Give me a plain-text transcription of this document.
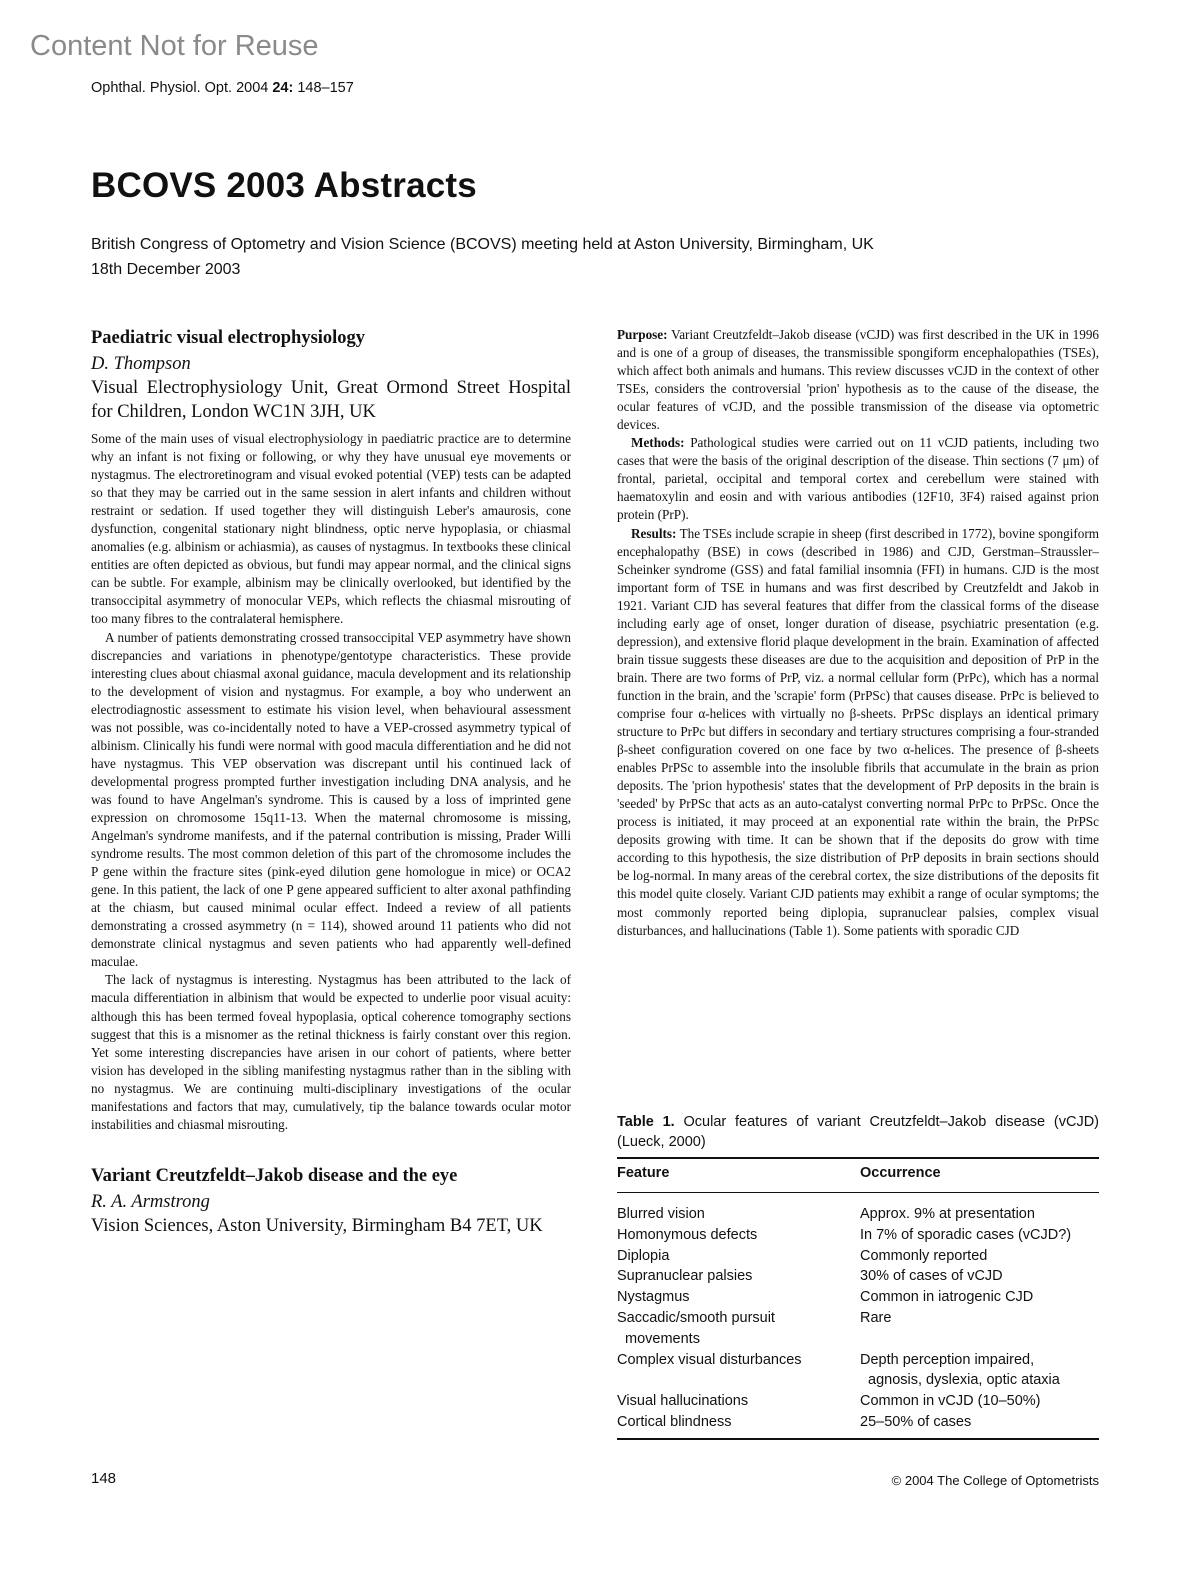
Content Not for Reuse
Ophthal. Physiol. Opt. 2004 24: 148–157
BCOVS 2003 Abstracts
British Congress of Optometry and Vision Science (BCOVS) meeting held at Aston University, Birmingham, UK 18th December 2003
Paediatric visual electrophysiology
D. Thompson
Visual Electrophysiology Unit, Great Ormond Street Hospital for Children, London WC1N 3JH, UK

Some of the main uses of visual electrophysiology in paediatric practice are to determine why an infant is not fixing or following, or why they have unusual eye movements or nystagmus. The electroretinogram and visual evoked potential (VEP) tests can be adapted so that they may be carried out in the same session in alert infants and children without restraint or sedation. If used together they will distinguish Leber's amaurosis, cone dysfunction, congenital stationary night blindness, optic nerve hypoplasia, or chiasmal anomalies (e.g. albinism or achiasmia), as causes of nystagmus. In textbooks these clinical entities are often depicted as obvious, but fundi may appear normal, and the clinical signs can be subtle. For example, albinism may be clinically overlooked, but identified by the transoccipital asymmetry of monocular VEPs, which reflects the chiasmal misrouting of too many fibres to the contralateral hemisphere.

A number of patients demonstrating crossed transoccipital VEP asymmetry have shown discrepancies and variations in phenotype/gentotype characteristics. These provide interesting clues about chiasmal axonal guidance, macula development and its relationship to the development of vision and nystagmus. For example, a boy who underwent an electrodiagnostic assessment to estimate his vision level, when behavioural assessment was not possible, was co-incidentally noted to have a VEP-crossed asymmetry typical of albinism. Clinically his fundi were normal with good macula differentiation and he did not have nystagmus. This VEP observation was discrepant until his continued lack of developmental progress prompted further investigation including DNA analysis, and he was found to have Angelman's syndrome. This is caused by a loss of imprinted gene expression on chromosome 15q11-13. When the maternal chromosome is missing, Angelman's syndrome manifests, and if the paternal contribution is missing, Prader Willi syndrome results. The most common deletion of this part of the chromosome includes the P gene within the fracture sites (pink-eyed dilution gene homologue in mice) or OCA2 gene. In this patient, the lack of one P gene appeared sufficient to alter axonal pathfinding at the chiasm, but caused minimal ocular effect. Indeed a review of all patients demonstrating a crossed asymmetry (n = 114), showed around 11 patients who did not demonstrate clinical nystagmus and seven patients who had apparently well-defined maculae.

The lack of nystagmus is interesting. Nystagmus has been attributed to the lack of macula differentiation in albinism that would be expected to underlie poor visual acuity: although this has been termed foveal hypoplasia, optical coherence tomography sections suggest that this is a misnomer as the retinal thickness is fairly constant over this region. Yet some interesting discrepancies have arisen in our cohort of patients, where better vision has developed in the sibling manifesting nystagmus rather than in the sibling with no nystagmus. We are continuing multi-disciplinary investigations of the ocular manifestations and factors that may, cumulatively, tip the balance towards ocular motor instabilities and chiasmal misrouting.

Variant Creutzfeldt–Jakob disease and the eye
R. A. Armstrong
Vision Sciences, Aston University, Birmingham B4 7ET, UK

Purpose: Variant Creutzfeldt–Jakob disease (vCJD) was first described in the UK in 1996 and is one of a group of diseases, the transmissible spongiform encephalopathies (TSEs), which affect both animals and humans. This review discusses vCJD in the context of other TSEs, considers the controversial 'prion' hypothesis as to the cause of the disease, the ocular features of vCJD, and the possible transmission of the disease via optometric devices.

Methods: Pathological studies were carried out on 11 vCJD patients, including two cases that were the basis of the original description of the disease. Thin sections (7 μm) of frontal, parietal, occipital and temporal cortex and cerebellum were stained with haematoxylin and eosin and with various antibodies (12F10, 3F4) raised against prion protein (PrP).

Results: The TSEs include scrapie in sheep (first described in 1772), bovine spongiform encephalopathy (BSE) in cows (described in 1986) and CJD, Gerstman–Straussler–Scheinker syndrome (GSS) and fatal familial insomnia (FFI) in humans. CJD is the most important form of TSE in humans and was first described by Creutzfeldt and Jakob in 1921. Variant CJD has several features that differ from the classical forms of the disease including early age of onset, longer duration of disease, psychiatric presentation (e.g. depression), and extensive florid plaque development in the brain. Examination of affected brain tissue suggests these diseases are due to the acquisition and deposition of PrP in the brain. There are two forms of PrP, viz. a normal cellular form (PrPc), which has a normal function in the brain, and the 'scrapie' form (PrPSc) that causes disease. PrPc is believed to comprise four α-helices with virtually no β-sheets. PrPSc displays an identical primary structure to PrPc but differs in secondary and tertiary structures comprising a four-stranded β-sheet configuration covered on one face by two α-helices. The presence of β-sheets enables PrPSc to assemble into the insoluble fibrils that accumulate in the brain as prion deposits. The 'prion hypothesis' states that the development of PrP deposits in the brain is 'seeded' by PrPSc that acts as an auto-catalyst converting normal PrPc to PrPSc. Once the process is initiated, it may proceed at an exponential rate within the brain, the PrPSc deposits growing with time. It can be shown that if the deposits do grow with time according to this hypothesis, the size distribution of PrP deposits in brain sections should be log-normal. In many areas of the cerebral cortex, the size distributions of the deposits fit this model quite closely. Variant CJD patients may exhibit a range of ocular symptoms; the most commonly reported being diplopia, supranuclear palsies, complex visual disturbances, and hallucinations (Table 1). Some patients with sporadic CJD

Table 1. Ocular features of variant Creutzfeldt–Jakob disease (vCJD) (Lueck, 2000)
Feature	Occurrence
Blurred vision	Approx. 9% at presentation
Homonymous defects	In 7% of sporadic cases (vCJD?)
Diplopia	Commonly reported
Supranuclear palsies	30% of cases of vCJD
Nystagmus	Common in iatrogenic CJD
Saccadic/smooth pursuit
movements	Rare
Complex visual disturbances	Depth perception impaired,
agnosis, dyslexia, optic ataxia

Visual hallucinations	Common in vCJD (10–50%)
Cortical blindness	25–50% of cases
148	© 2004 The College of Optometrists
